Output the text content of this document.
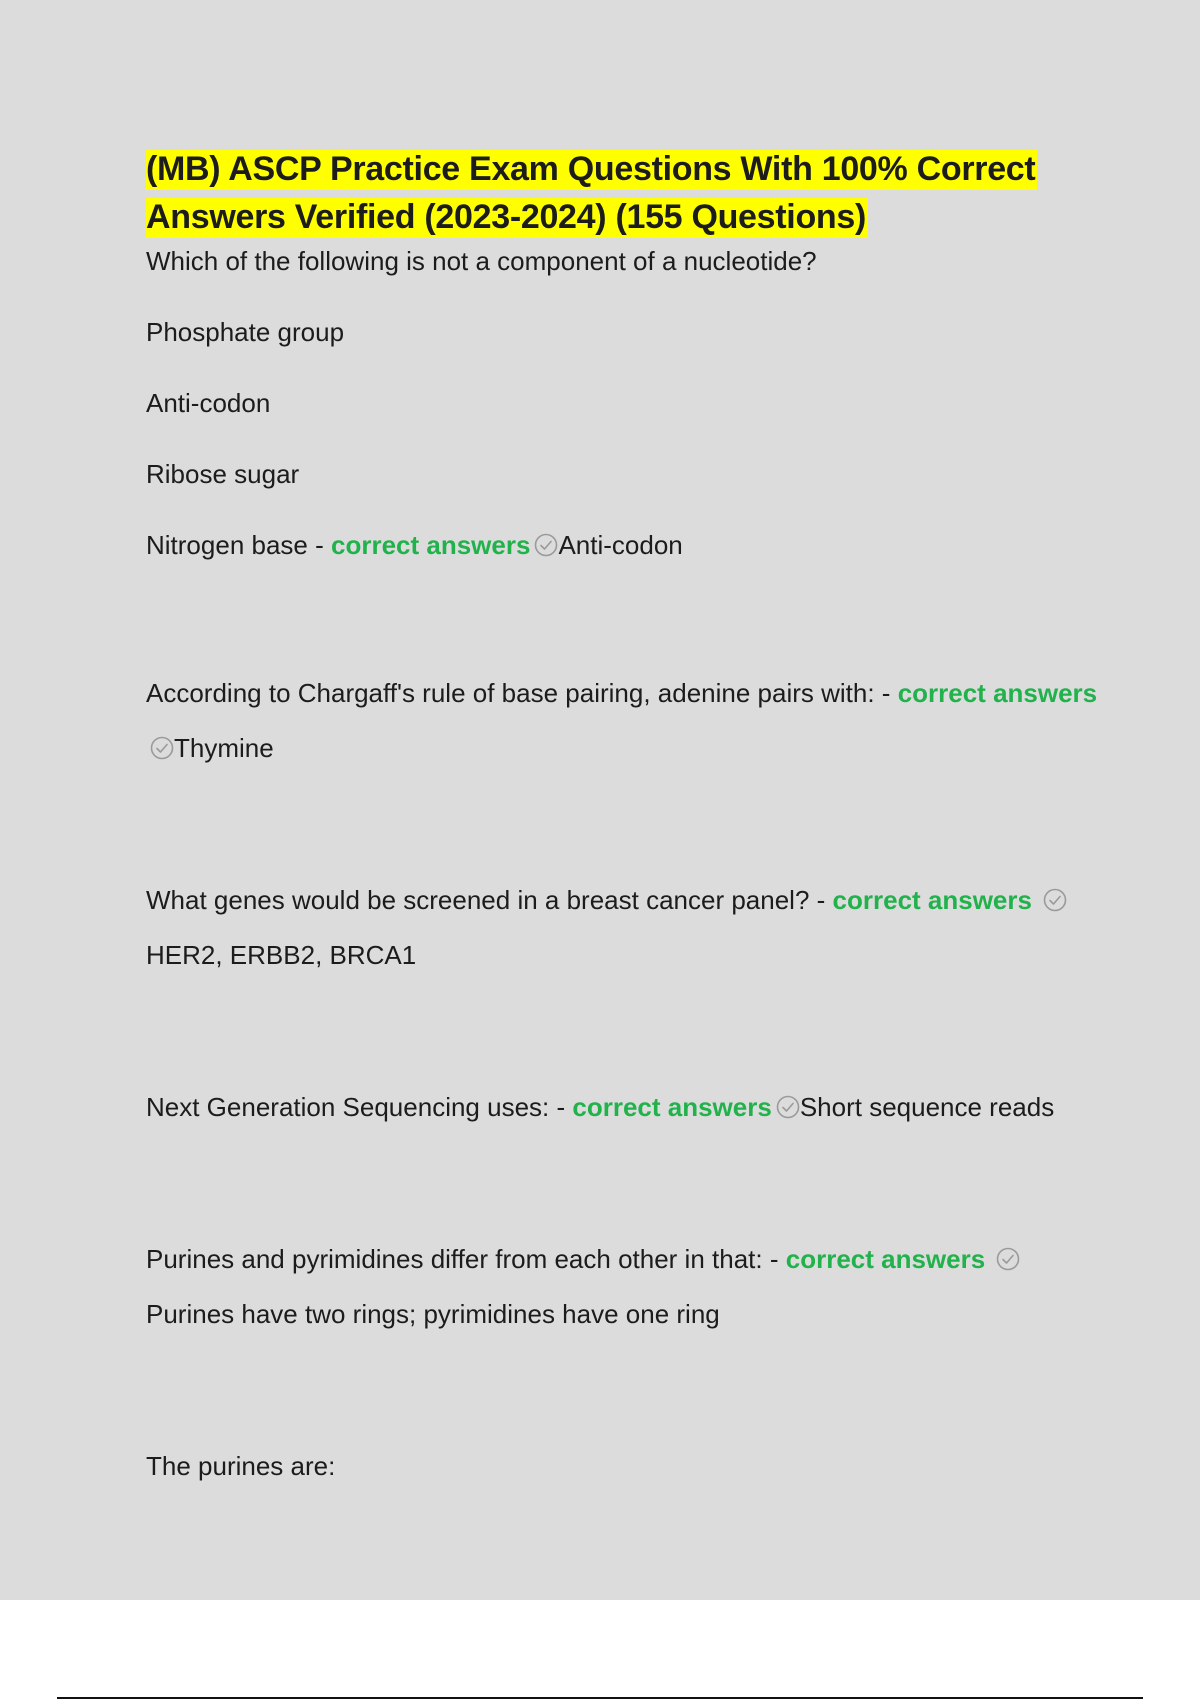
(MB) ASCP Practice Exam Questions With 100% Correct Answers Verified (2023-2024) (155 Questions)

Which of the following is not a component of a nucleotide?

Phosphate group

Anti-codon

Ribose sugar

Nitrogen base - correct answers Anti-codon

According to Chargaff's rule of base pairing, adenine pairs with: - correct answers
Thymine

What genes would be screened in a breast cancer panel? - correct answers
HER2, ERBB2, BRCA1

Next Generation Sequencing uses: - correct answers Short sequence reads

Purines and pyrimidines differ from each other in that: - correct answers
Purines have two rings; pyrimidines have one ring

The purines are:
